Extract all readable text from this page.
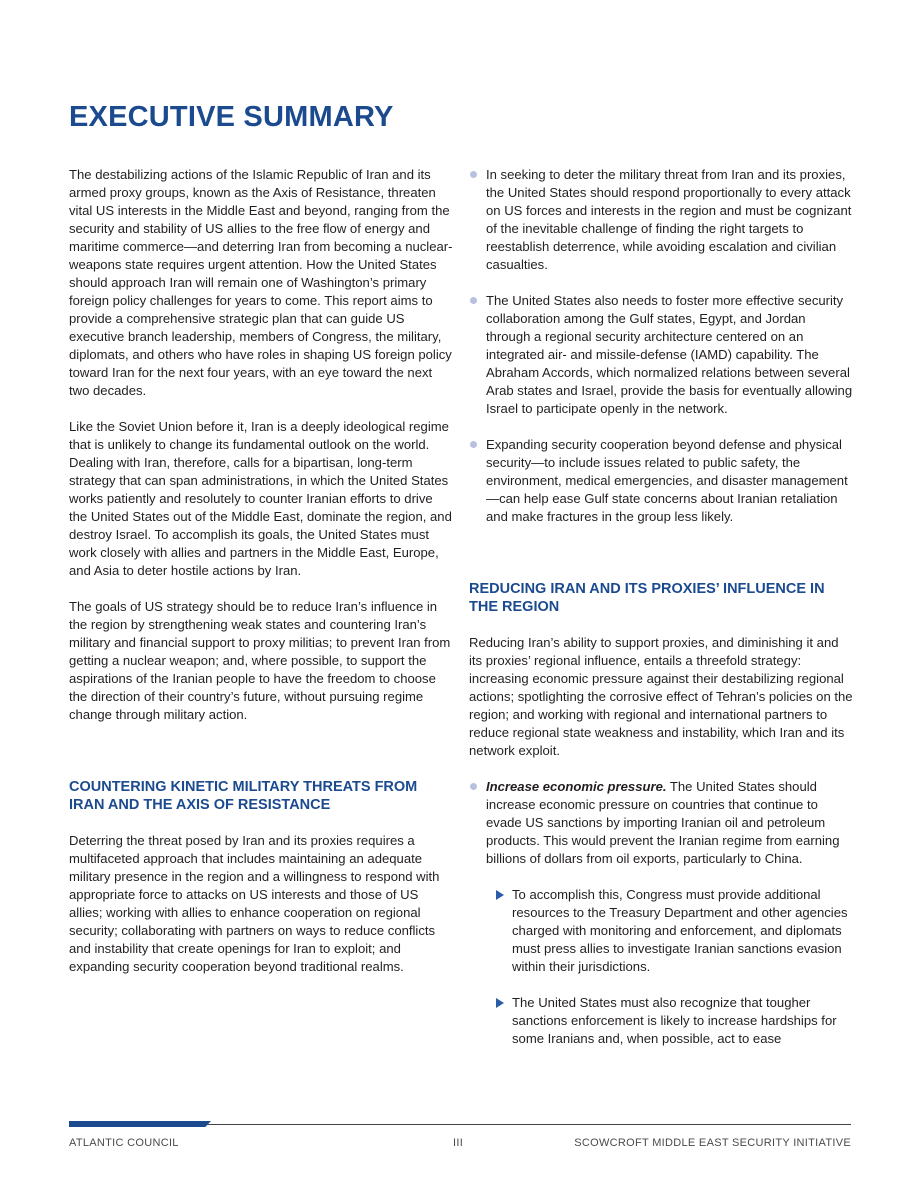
EXECUTIVE SUMMARY

The destabilizing actions of the Islamic Republic of Iran and its armed proxy groups, known as the Axis of Resistance, threaten vital US interests in the Middle East and beyond, ranging from the security and stability of US allies to the free flow of energy and maritime commerce—and deterring Iran from becoming a nuclear-weapons state requires urgent attention. How the United States should approach Iran will remain one of Washington’s primary foreign policy challenges for years to come. This report aims to provide a comprehensive strategic plan that can guide US executive branch leadership, members of Congress, the military, diplomats, and others who have roles in shaping US foreign policy toward Iran for the next four years, with an eye toward the next two decades.

Like the Soviet Union before it, Iran is a deeply ideological regime that is unlikely to change its fundamental outlook on the world. Dealing with Iran, therefore, calls for a bipartisan, long-term strategy that can span administrations, in which the United States works patiently and resolutely to counter Iranian efforts to drive the United States out of the Middle East, dominate the region, and destroy Israel. To accomplish its goals, the United States must work closely with allies and partners in the Middle East, Europe, and Asia to deter hostile actions by Iran.

The goals of US strategy should be to reduce Iran’s influence in the region by strengthening weak states and countering Iran’s military and financial support to proxy militias; to prevent Iran from getting a nuclear weapon; and, where possible, to support the aspirations of the Iranian people to have the freedom to choose the direction of their country’s future, without pursuing regime change through military action.

COUNTERING KINETIC MILITARY THREATS FROM IRAN AND THE AXIS OF RESISTANCE

Deterring the threat posed by Iran and its proxies requires a multifaceted approach that includes maintaining an adequate military presence in the region and a willingness to respond with appropriate force to attacks on US interests and those of US allies; working with allies to enhance cooperation on regional security; collaborating with partners on ways to reduce conflicts and instability that create openings for Iran to exploit; and expanding security cooperation beyond traditional realms.

In seeking to deter the military threat from Iran and its proxies, the United States should respond proportionally to every attack on US forces and interests in the region and must be cognizant of the inevitable challenge of finding the right targets to reestablish deterrence, while avoiding escalation and civilian casualties.
The United States also needs to foster more effective security collaboration among the Gulf states, Egypt, and Jordan through a regional security architecture centered on an integrated air- and missile-defense (IAMD) capability. The Abraham Accords, which normalized relations between several Arab states and Israel, provide the basis for eventually allowing Israel to participate openly in the network.
Expanding security cooperation beyond defense and physical security—to include issues related to public safety, the environment, medical emergencies, and disaster management—can help ease Gulf state concerns about Iranian retaliation and make fractures in the group less likely.
REDUCING IRAN AND ITS PROXIES’ INFLUENCE IN THE REGION

Reducing Iran’s ability to support proxies, and diminishing it and its proxies’ regional influence, entails a threefold strategy: increasing economic pressure against their destabilizing regional actions; spotlighting the corrosive effect of Tehran’s policies on the region; and working with regional and international partners to reduce regional state weakness and instability, which Iran and its network exploit.

Increase economic pressure. The United States should increase economic pressure on countries that continue to evade US sanctions by importing Iranian oil and petroleum products. This would prevent the Iranian regime from earning billions of dollars from oil exports, particularly to China.
To accomplish this, Congress must provide additional resources to the Treasury Department and other agencies charged with monitoring and enforcement, and diplomats must press allies to investigate Iranian sanctions evasion within their jurisdictions.
The United States must also recognize that tougher sanctions enforcement is likely to increase hardships for some Iranians and, when possible, act to ease
ATLANTIC COUNCIL	III	SCOWCROFT MIDDLE EAST SECURITY INITIATIVE
